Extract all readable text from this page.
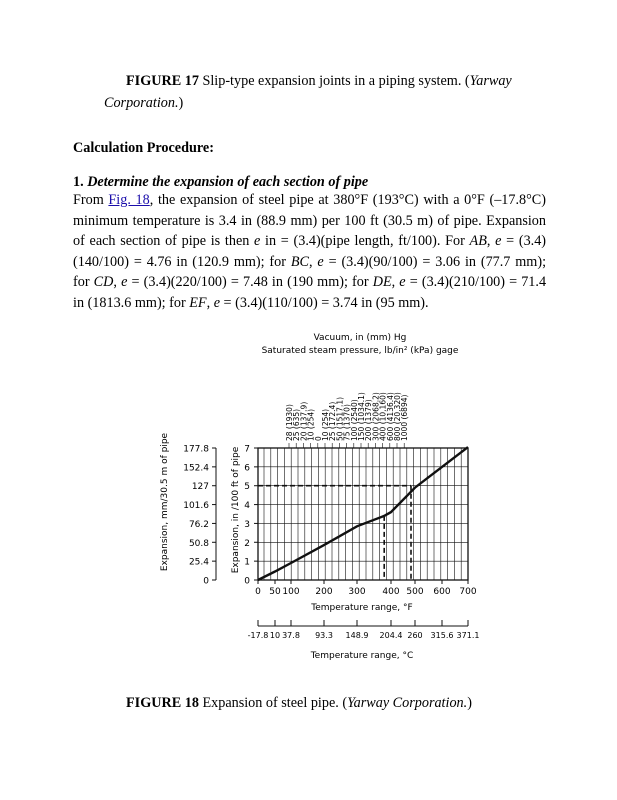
FIGURE 17 Slip-type expansion joints in a piping system. (Yarway Corporation.)

Calculation Procedure:

1. Determine the expansion of each section of pipe

From Fig. 18, the expansion of steel pipe at 380°F (193°C) with a 0°F (–17.8°C) minimum temperature is 3.4 in (88.9 mm) per 100 ft (30.5 m) of pipe. Expansion of each section of pipe is then e in = (3.4)(pipe length, ft/100). For AB, e = (3.4)(140/100) = 4.76 in (120.9 mm); for BC, e = (3.4)(90/100) = 3.06 in (77.7 mm); for CD, e = (3.4)(220/100) = 7.48 in (190 mm); for DE, e = (3.4)(210/100) = 71.4 in (1813.6 mm); for EF, e = (3.4)(110/100) = 3.74 in (95 mm).

Vacuum, in (mm) Hg
Saturated steam pressure, lb/in² (kPa) gage
28 (1930)
25 (635)
20 (137.9)
10 (254)
0
10 (254)
25 (172.4)
50 (1517.1)
75 (1370)
100 (2540)
150 (1034.1)
200 (1379)
300 (2068.2)
400 (10,160)
600 (4136.4)
800 (20,320)
1000 (6894)
0
1
2
3
4
5
6
7
0
25.4
50.8
76.2
101.6
127
152.4
177.8
0 50 100 200 300 400 500 600 700
-17.8 10 37.8 93.3 148.9 204.4 260 315.6 371.1
Temperature range, °F
Temperature range, °C
Expansion, in /100 ft of pipe
Expansion, mm/30.5 m of pipe

FIGURE 18 Expansion of steel pipe. (Yarway Corporation.)
